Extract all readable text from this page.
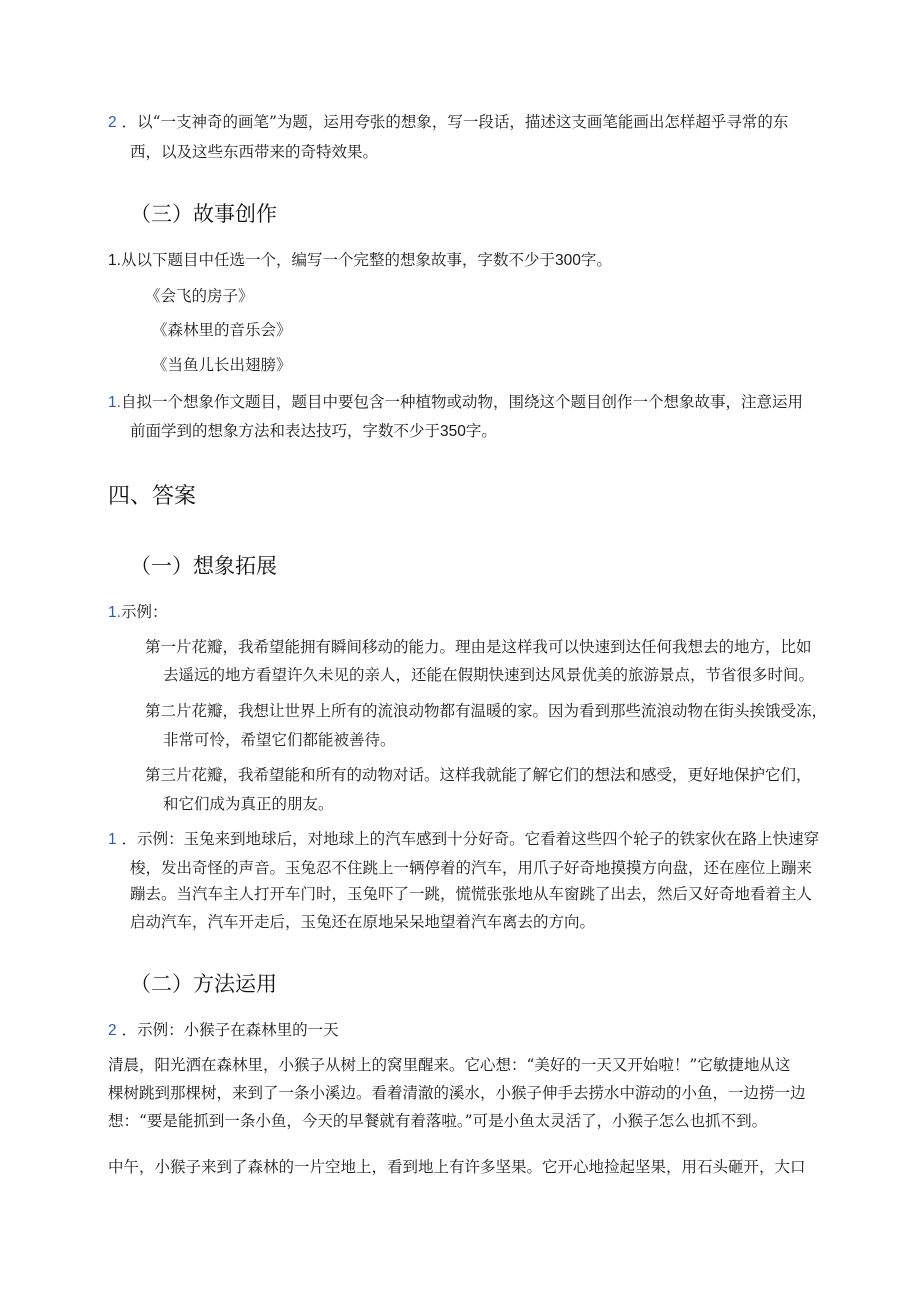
2 ．以“一支神奇的画笔”为题，运用夸张的想象，写一段话，描述这支画笔能画出怎样超乎寻常的东
西，以及这些东西带来的奇特效果。
（三）故事创作
1.从以下题目中任选一个，编写一个完整的想象故事，字数不少于300字。
《会飞的房子》
《森林里的音乐会》
《当鱼儿长出翅膀》
1.自拟一个想象作文题目，题目中要包含一种植物或动物，围绕这个题目创作一个想象故事，注意运用
前面学到的想象方法和表达技巧，字数不少于350字。
四、答案
（一）想象拓展
1.示例：
第一片花瓣，我希望能拥有瞬间移动的能力。理由是这样我可以快速到达任何我想去的地方，比如
去遥远的地方看望许久未见的亲人，还能在假期快速到达风景优美的旅游景点，节省很多时间。
第二片花瓣，我想让世界上所有的流浪动物都有温暖的家。因为看到那些流浪动物在街头挨饿受冻，
非常可怜，希望它们都能被善待。
第三片花瓣，我希望能和所有的动物对话。这样我就能了解它们的想法和感受，更好地保护它们，
和它们成为真正的朋友。
1 ．示例：玉兔来到地球后，对地球上的汽车感到十分好奇。它看着这些四个轮子的铁家伙在路上快速穿
梭，发出奇怪的声音。玉兔忍不住跳上一辆停着的汽车，用爪子好奇地摸摸方向盘，还在座位上蹦来
蹦去。当汽车主人打开车门时，玉兔吓了一跳，慌慌张张地从车窗跳了出去，然后又好奇地看着主人
启动汽车，汽车开走后，玉兔还在原地呆呆地望着汽车离去的方向。
（二）方法运用
2 ．示例：小猴子在森林里的一天
清晨，阳光洒在森林里，小猴子从树上的窝里醒来。它心想：“美好的一天又开始啦！”它敏捷地从这
棵树跳到那棵树，来到了一条小溪边。看着清澈的溪水，小猴子伸手去捞水中游动的小鱼，一边捞一边
想：“要是能抓到一条小鱼，今天的早餐就有着落啦。”可是小鱼太灵活了，小猴子怎么也抓不到。
中午，小猴子来到了森林的一片空地上，看到地上有许多坚果。它开心地捡起坚果，用石头砸开，大口
